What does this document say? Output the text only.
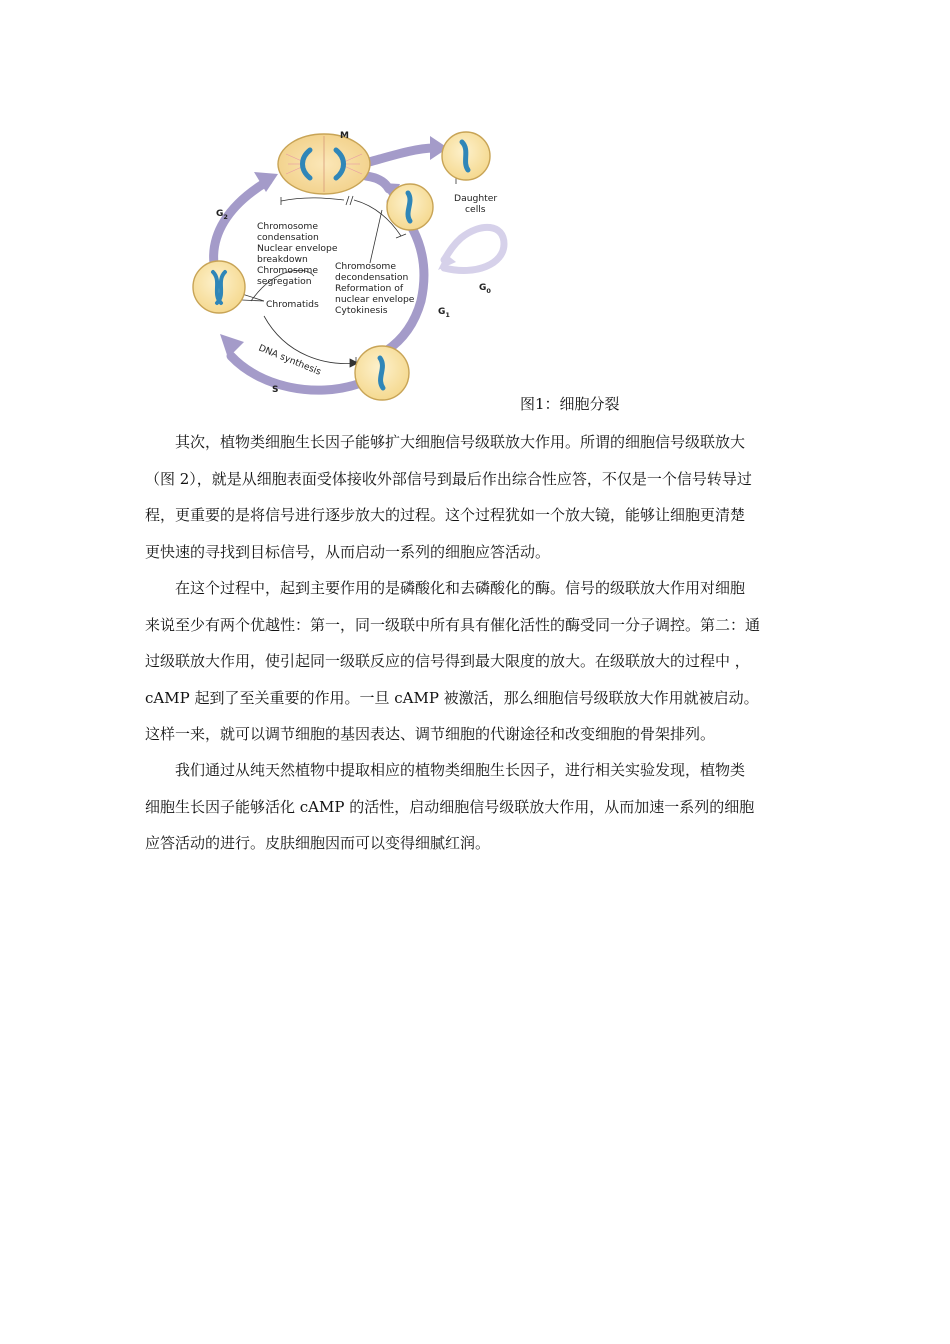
M
$G_2$
$G_1$
$G_0$
S
Daughter
cells
Chromosome
condensation
Nuclear envelope
breakdown
Chromosome
segregation
Chromosome
decondensation
Reformation of
nuclear envelope
Cytokinesis
Chromatids
DNA synthesis
图1：细胞分裂

　　其次，植物类细胞生长因子能够扩大细胞信号级联放大作用。所谓的细胞信号级联放大
（图 2），就是从细胞表面受体接收外部信号到最后作出综合性应答，不仅是一个信号转导过
程，更重要的是将信号进行逐步放大的过程。这个过程犹如一个放大镜，能够让细胞更清楚
更快速的寻找到目标信号，从而启动一系列的细胞应答活动。

　　在这个过程中，起到主要作用的是磷酸化和去磷酸化的酶。信号的级联放大作用对细胞
来说至少有两个优越性：第一，同一级联中所有具有催化活性的酶受同一分子调控。第二：通
过级联放大作用，使引起同一级联反应的信号得到最大限度的放大。在级联放大的过程中 ，
cAMP 起到了至关重要的作用。一旦 cAMP 被激活，那么细胞信号级联放大作用就被启动。
这样一来，就可以调节细胞的基因表达、调节细胞的代谢途径和改变细胞的骨架排列。

　　我们通过从纯天然植物中提取相应的植物类细胞生长因子，进行相关实验发现，植物类
细胞生长因子能够活化 cAMP 的活性，启动细胞信号级联放大作用，从而加速一系列的细胞
应答活动的进行。皮肤细胞因而可以变得细腻红润。
